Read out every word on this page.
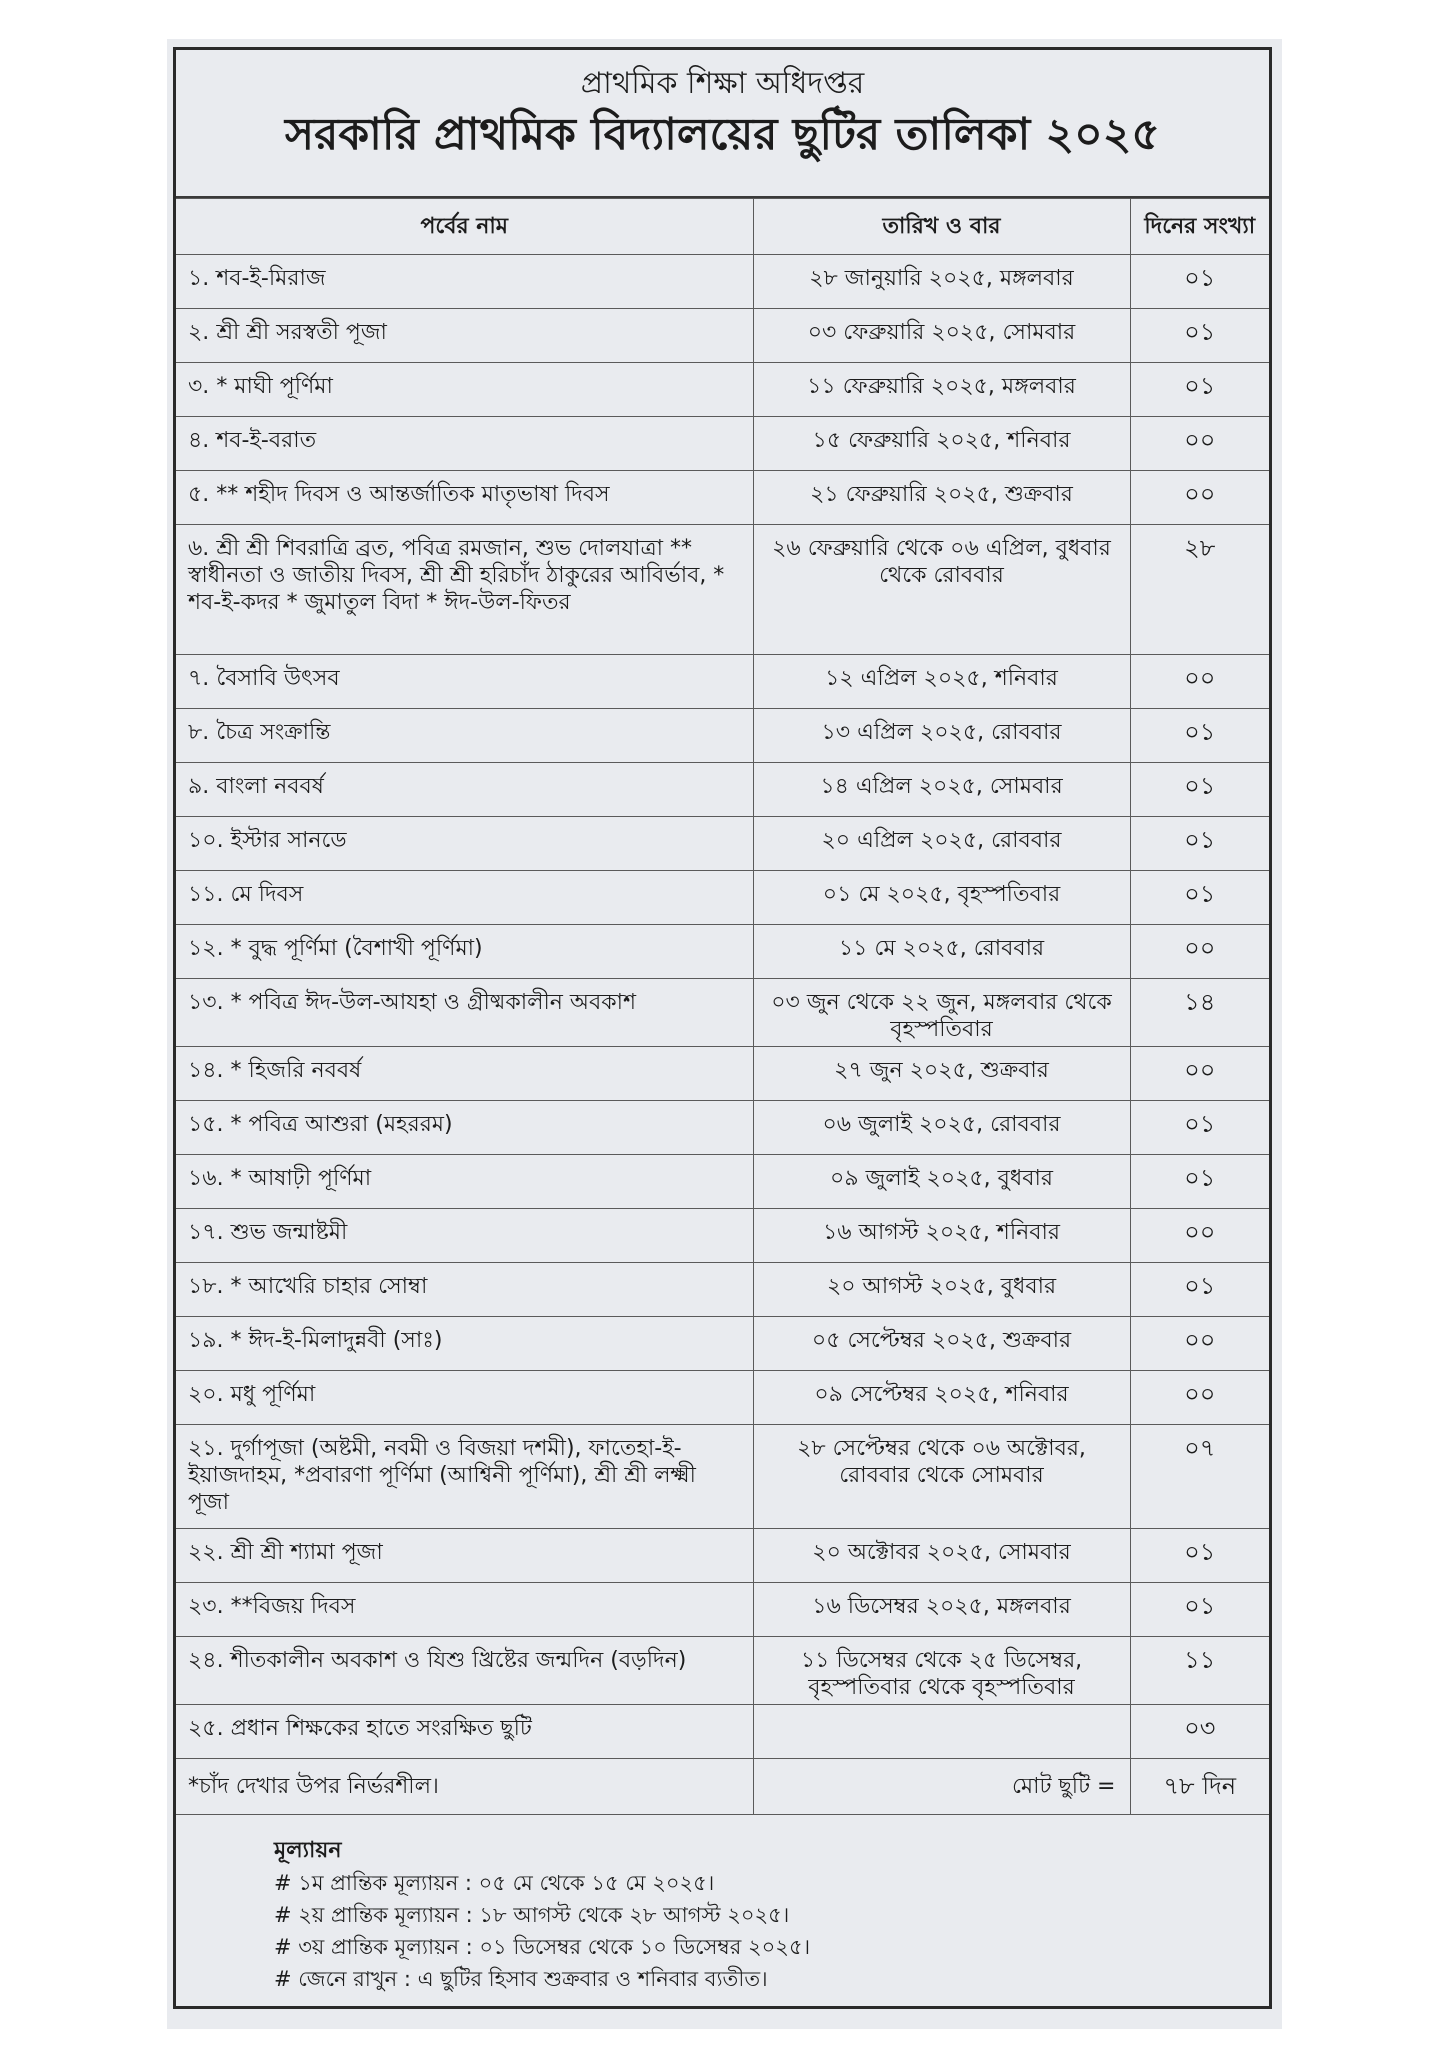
প্রাথমিক শিক্ষা অধিদপ্তর
সরকারি প্রাথমিক বিদ্যালয়ের ছুটির তালিকা ২০২৫
পর্বের নাম	তারিখ ও বার	দিনের সংখ্যা
১. শব-ই-মিরাজ	২৮ জানুয়ারি ২০২৫, মঙ্গলবার	০১
২. শ্রী শ্রী সরস্বতী পূজা	০৩ ফেব্রুয়ারি ২০২৫, সোমবার	০১
৩. * মাঘী পূর্ণিমা	১১ ফেব্রুয়ারি ২০২৫, মঙ্গলবার	০১
৪. শব-ই-বরাত	১৫ ফেব্রুয়ারি ২০২৫, শনিবার	০০
৫. ** শহীদ দিবস ও আন্তর্জাতিক মাতৃভাষা দিবস	২১ ফেব্রুয়ারি ২০২৫, শুক্রবার	০০
৬. শ্রী শ্রী শিবরাত্রি ব্রত, পবিত্র রমজান, শুভ দোলযাত্রা ** স্বাধীনতা ও জাতীয় দিবস, শ্রী শ্রী হরিচাঁদ ঠাকুরের আবির্ভাব, * শব-ই-কদর * জুমাতুল বিদা * ঈদ-উল-ফিতর	২৬ ফেব্রুয়ারি থেকে ০৬ এপ্রিল, বুধবার থেকে রোববার	২৮
৭. বৈসাবি উৎসব	১২ এপ্রিল ২০২৫, শনিবার	০০
৮. চৈত্র সংক্রান্তি	১৩ এপ্রিল ২০২৫, রোববার	০১
৯. বাংলা নববর্ষ	১৪ এপ্রিল ২০২৫, সোমবার	০১
১০. ইস্টার সানডে	২০ এপ্রিল ২০২৫, রোববার	০১
১১. মে দিবস	০১ মে ২০২৫, বৃহস্পতিবার	০১
১২. * বুদ্ধ পূর্ণিমা (বৈশাখী পূর্ণিমা)	১১ মে ২০২৫, রোববার	০০
১৩. * পবিত্র ঈদ-উল-আযহা ও গ্রীষ্মকালীন অবকাশ	০৩ জুন থেকে ২২ জুন, মঙ্গলবার থেকে বৃহস্পতিবার	১৪
১৪. * হিজরি নববর্ষ	২৭ জুন ২০২৫, শুক্রবার	০০
১৫. * পবিত্র আশুরা (মহররম)	০৬ জুলাই ২০২৫, রোববার	০১
১৬. * আষাঢ়ী পূর্ণিমা	০৯ জুলাই ২০২৫, বুধবার	০১
১৭. শুভ জন্মাষ্টমী	১৬ আগস্ট ২০২৫, শনিবার	০০
১৮. * আখেরি চাহার সোম্বা	২০ আগস্ট ২০২৫, বুধবার	০১
১৯. * ঈদ-ই-মিলাদুন্নবী (সাঃ)	০৫ সেপ্টেম্বর ২০২৫, শুক্রবার	০০
২০. মধু পূর্ণিমা	০৯ সেপ্টেম্বর ২০২৫, শনিবার	০০
২১. দুর্গাপূজা (অষ্টমী, নবমী ও বিজয়া দশমী), ফাতেহা-ই-ইয়াজদাহম, *প্রবারণা পূর্ণিমা (আশ্বিনী পূর্ণিমা), শ্রী শ্রী লক্ষ্মী পূজা	২৮ সেপ্টেম্বর থেকে ০৬ অক্টোবর, রোববার থেকে সোমবার	০৭
২২. শ্রী শ্রী শ্যামা পূজা	২০ অক্টোবর ২০২৫, সোমবার	০১
২৩. **বিজয় দিবস	১৬ ডিসেম্বর ২০২৫, মঙ্গলবার	০১
২৪. শীতকালীন অবকাশ ও যিশু খ্রিষ্টের জন্মদিন (বড়দিন)	১১ ডিসেম্বর থেকে ২৫ ডিসেম্বর, বৃহস্পতিবার থেকে বৃহস্পতিবার	১১
২৫. প্রধান শিক্ষকের হাতে সংরক্ষিত ছুটি		০৩
*চাঁদ দেখার উপর নির্ভরশীল।	মোট ছুটি =	৭৮ দিন
মূল্যায়ন
# ১ম প্রান্তিক মূল্যায়ন : ০৫ মে থেকে ১৫ মে ২০২৫।
# ২য় প্রান্তিক মূল্যায়ন : ১৮ আগস্ট থেকে ২৮ আগস্ট ২০২৫।
# ৩য় প্রান্তিক মূল্যায়ন : ০১ ডিসেম্বর থেকে ১০ ডিসেম্বর ২০২৫।
# জেনে রাখুন : এ ছুটির হিসাব শুক্রবার ও শনিবার ব্যতীত।
